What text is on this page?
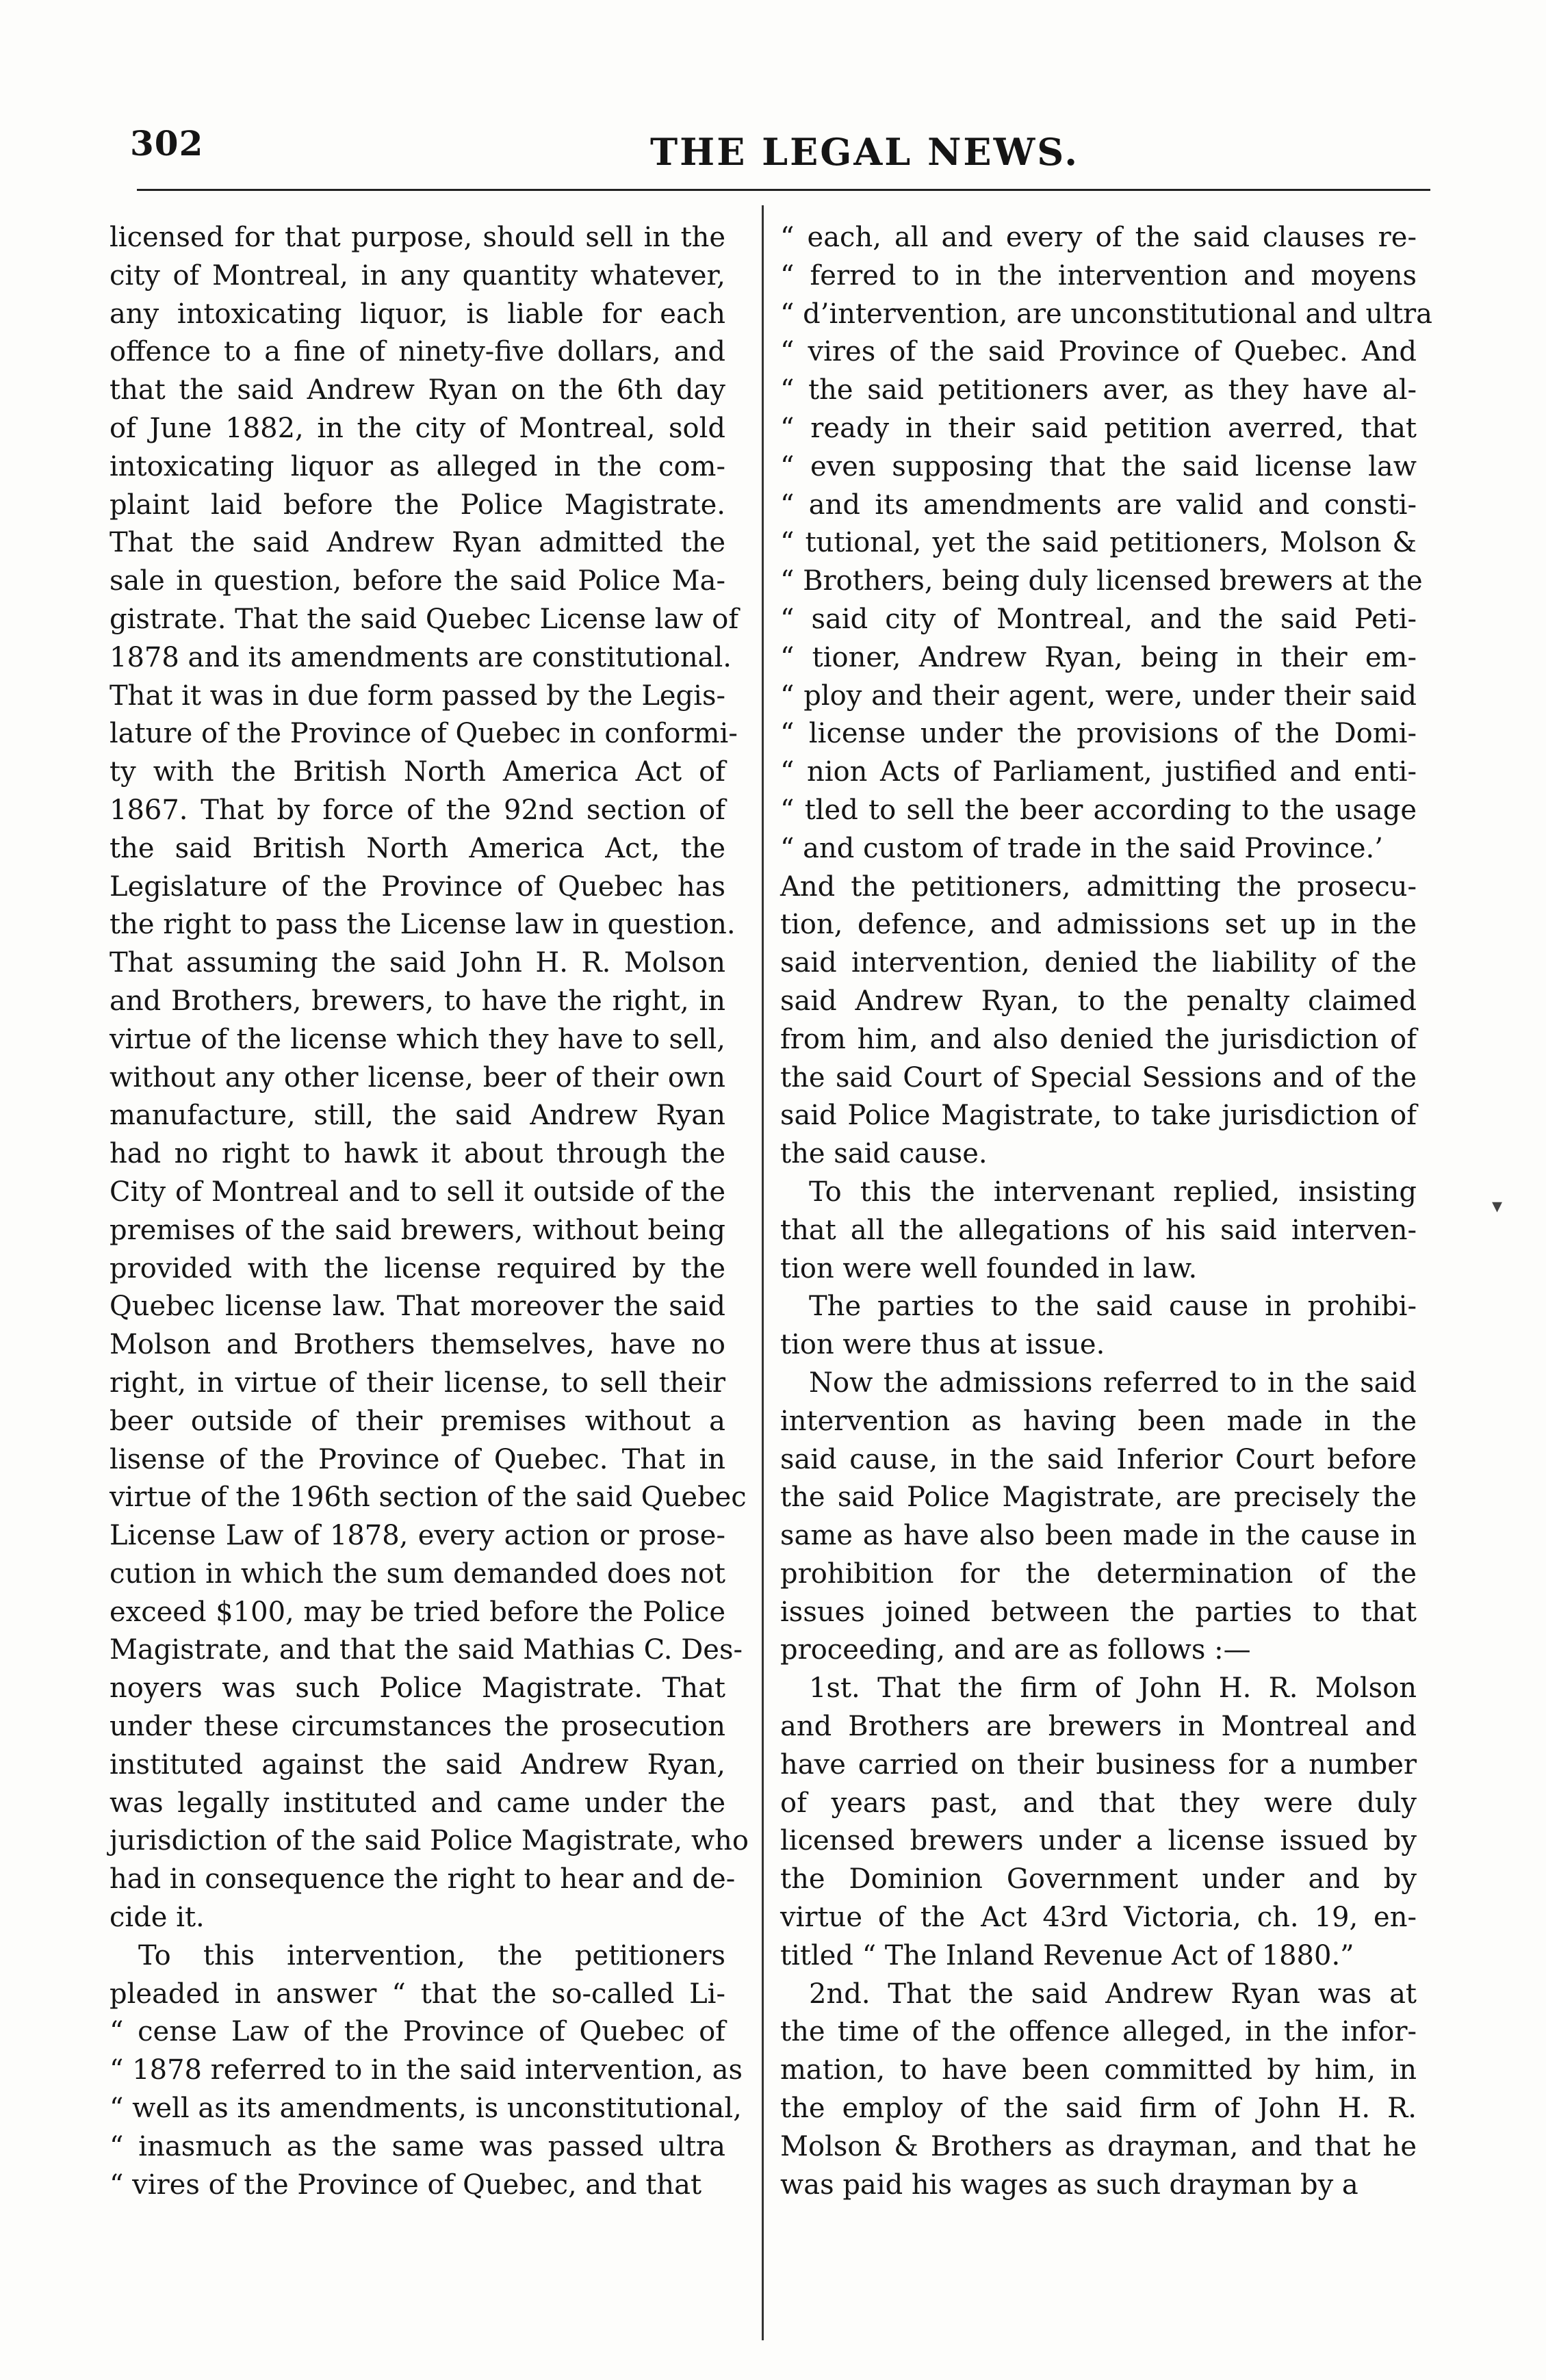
302	THE LEGAL NEWS.
licensed for that purpose, should sell in the
city of Montreal, in any quantity whatever,
any intoxicating liquor, is liable for each
offence to a fine of ninety-five dollars, and
that the said Andrew Ryan on the 6th day
of June 1882, in the city of Montreal, sold
intoxicating liquor as alleged in the com-
plaint laid before the Police Magistrate.
That the said Andrew Ryan admitted the
sale in question, before the said Police Ma-
gistrate. That the said Quebec License law of
1878 and its amendments are constitutional.
That it was in due form passed by the Legis-
lature of the Province of Quebec in conformi-
ty with the British North America Act of
1867. That by force of the 92nd section of
the said British North America Act, the
Legislature of the Province of Quebec has
the right to pass the License law in question.
That assuming the said John H. R. Molson
and Brothers, brewers, to have the right, in
virtue of the license which they have to sell,
without any other license, beer of their own
manufacture, still, the said Andrew Ryan
had no right to hawk it about through the
City of Montreal and to sell it outside of the
premises of the said brewers, without being
provided with the license required by the
Quebec license law. That moreover the said
Molson and Brothers themselves, have no
right, in virtue of their license, to sell their
beer outside of their premises without a
lisense of the Province of Quebec. That in
virtue of the 196th section of the said Quebec
License Law of 1878, every action or prose-
cution in which the sum demanded does not
exceed $100, may be tried before the Police
Magistrate, and that the said Mathias C. Des-
noyers was such Police Magistrate. That
under these circumstances the prosecution
instituted against the said Andrew Ryan,
was legally instituted and came under the
jurisdiction of the said Police Magistrate, who
had in consequence the right to hear and de-
cide it.
To this intervention, the petitioners
pleaded in answer “ that the so-called Li-
“ cense Law of the Province of Quebec of
“ 1878 referred to in the said intervention, as
“ well as its amendments, is unconstitutional,
“ inasmuch as the same was passed ultra
“ vires of the Province of Quebec, and that
“ each, all and every of the said clauses re-
“ ferred to in the intervention and moyens
“ d’intervention, are unconstitutional and ultra
“ vires of the said Province of Quebec. And
“ the said petitioners aver, as they have al-
“ ready in their said petition averred, that
“ even supposing that the said license law
“ and its amendments are valid and consti-
“ tutional, yet the said petitioners, Molson &
“ Brothers, being duly licensed brewers at the
“ said city of Montreal, and the said Peti-
“ tioner, Andrew Ryan, being in their em-
“ ploy and their agent, were, under their said
“ license under the provisions of the Domi-
“ nion Acts of Parliament, justified and enti-
“ tled to sell the beer according to the usage
“ and custom of trade in the said Province.’
And the petitioners, admitting the prosecu-
tion, defence, and admissions set up in the
said intervention, denied the liability of the
said Andrew Ryan, to the penalty claimed
from him, and also denied the jurisdiction of
the said Court of Special Sessions and of the
said Police Magistrate, to take jurisdiction of
the said cause.
To this the intervenant replied, insisting
that all the allegations of his said interven-
tion were well founded in law.
The parties to the said cause in prohibi-
tion were thus at issue.
Now the admissions referred to in the said
intervention as having been made in the
said cause, in the said Inferior Court before
the said Police Magistrate, are precisely the
same as have also been made in the cause in
prohibition for the determination of the
issues joined between the parties to that
proceeding, and are as follows :—
1st. That the firm of John H. R. Molson
and Brothers are brewers in Montreal and
have carried on their business for a number
of years past, and that they were duly
licensed brewers under a license issued by
the Dominion Government under and by
virtue of the Act 43rd Victoria, ch. 19, en-
titled “ The Inland Revenue Act of 1880.”
2nd. That the said Andrew Ryan was at
the time of the offence alleged, in the infor-
mation, to have been committed by him, in
the employ of the said firm of John H. R.
Molson & Brothers as drayman, and that he
was paid his wages as such drayman by a
▾
